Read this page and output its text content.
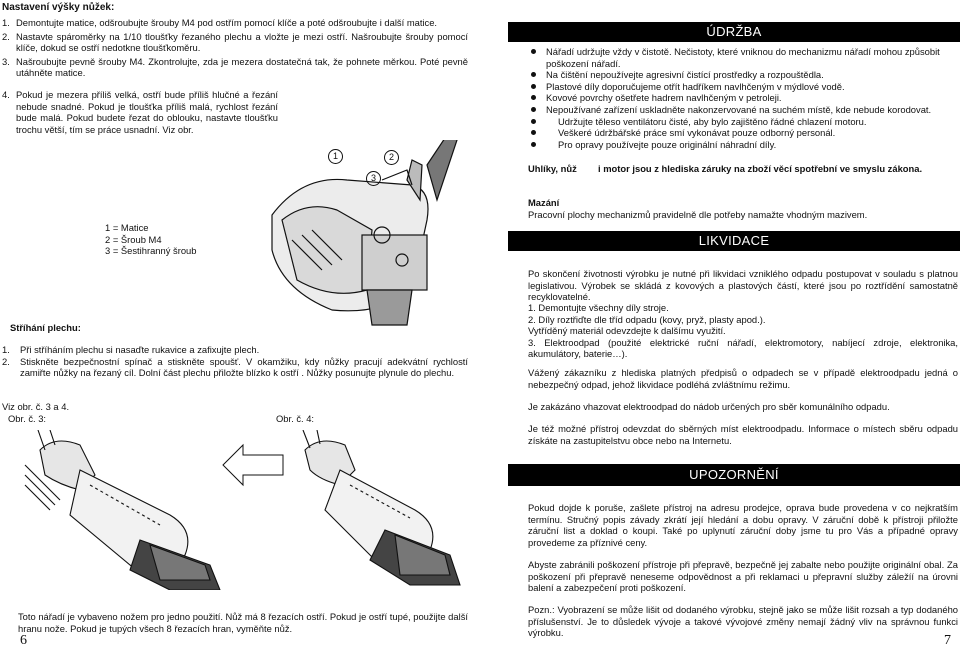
Nastavení výšky nůžek:
1. Demontujte matice, odšroubujte šrouby M4 pod ostřím pomocí klíče a poté odšroubujte i další matice.
2. Nastavte spároměrky na 1/10 tloušťky řezaného plechu a vložte je mezi ostří. Našroubujte šrouby pomocí klíče, dokud se ostří nedotkne tloušťkoměru.
3. Našroubujte pevně šrouby M4. Zkontrolujte, zda je mezera dostatečná tak, že pohnete měrkou. Poté pevně utáhněte matice.
4. Pokud je mezera příliš velká, ostří bude příliš hlučné a řezání nebude snadné. Pokud je tloušťka příliš malá, rychlost řezání bude malá. Pokud budete řezat do oblouku, nastavte tloušťku trochu větší, tím se práce usnadní. Viz obr.
1	2
3
1 = Matice
2 = Šroub M4
3 = Šestihranný šroub
Stříhání plechu:
1. Při stříháním plechu si nasaďte rukavice a zafixujte plech.
2. Stiskněte bezpečnostní spínač a stiskněte spoušť. V okamžiku, kdy nůžky pracují adekvátní rychlostí zamiřte nůžky na řezaný cíl. Dolní část plechu přiložte blízko k ostří . Nůžky posunujte plynule do plechu.
Viz obr. č. 3 a 4.
Obr. č. 3:	Obr. č. 4:
Toto nářadí je vybaveno nožem pro jedno použití. Nůž má 8 řezacích ostří. Pokud je ostří tupé, použijte další hranu nože. Pokud je tupých všech 8 řezacích hran, vyměňte nůž.
6
ÚDRŽBA
Nářadí udržujte vždy v čistotě. Nečistoty, které vniknou do mechanizmu nářadí mohou způsobit poškození nářadí.
Na čištění nepoužívejte agresivní čistící prostředky a rozpouštědla.
Plastové díly doporučujeme otřít hadříkem navlhčeným v mýdlové vodě.
Kovové povrchy ošetřete hadrem navlhčeným v petroleji.
Nepoužívané zařízení uskladněte nakonzervované na suchém místě, kde nebude korodovat.
Udržujte těleso ventilátoru čisté, aby bylo zajištěno řádné chlazení motoru.
Veškeré údržbářské práce smí vykonávat pouze odborný personál.
Pro opravy používejte pouze originální náhradní díly.
Uhlíky, nůž	i motor jsou z hlediska záruky na zboží věcí spotřební ve smyslu zákona.
Mazání
Pracovní plochy mechanizmů pravidelně dle potřeby namažte vhodným mazivem.
LIKVIDACE
Po skončení životnosti výrobku je nutné při likvidaci vzniklého odpadu postupovat v souladu s platnou legislativou. Výrobek se skládá z kovových a plastových částí, které jsou po roztřídění samostatně recyklovatelné.
1. Demontujte všechny díly stroje.
2. Díly roztřiďte dle tříd odpadu (kovy, pryž, plasty apod.).
Vytříděný materiál odevzdejte k dalšímu využití.
3. Elektroodpad (použité elektrické ruční nářadí, elektromotory, nabíjecí zdroje, elektronika, akumulátory, baterie…).
Vážený zákazníku z hlediska platných předpisů o odpadech se v případě elektroodpadu jedná o nebezpečný odpad, jehož likvidace podléhá zvláštnímu režimu.
Je zakázáno vhazovat elektroodpad do nádob určených pro sběr komunálního odpadu.
Je též možné přístroj odevzdat do sběrných míst elektroodpadu. Informace o místech sběru odpadu získáte na zastupitelstvu obce nebo na Internetu.
UPOZORNĚNÍ
Pokud dojde k poruše, zašlete přístroj na adresu prodejce, oprava bude provedena v co nejkratším termínu. Stručný popis závady zkrátí její hledání a dobu opravy. V záruční době k přístroji přiložte záruční list a doklad o koupi. Také po uplynutí záruční doby jsme tu pro Vás a případné opravy provedeme za příznivé ceny.
Abyste zabránili poškození přístroje při přepravě, bezpečně jej zabalte nebo použijte originální obal. Za poškození při přepravě neneseme odpovědnost a při reklamaci u přepravní služby záležíí na úrovni balení a zabezpečení proti poškození.
Pozn.: Vyobrazení se může lišit od dodaného výrobku, stejně jako se může lišit rozsah a typ dodaného příslušenství. Je to důsledek vývoje a takové vývojové změny nemají žádný vliv na správnou funkci výrobku.
7
